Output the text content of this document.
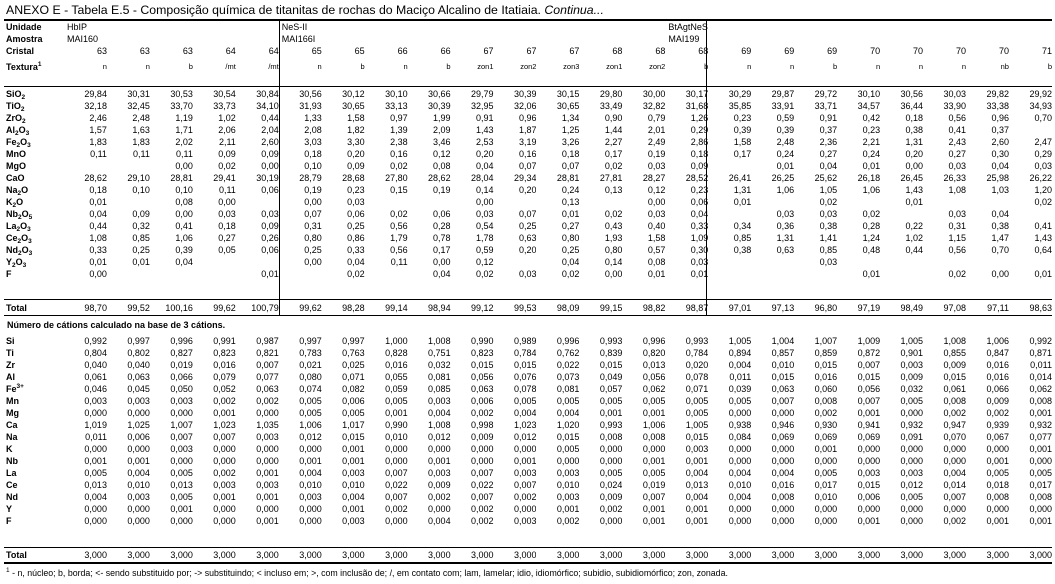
ANEXO E - Tabela E.5 - Composição química de titanitas de rochas do Maciço Alcalino de Itatiaia. Continua...
Unidade	HbIP					NeS-II									BtAgtNeS								
Amostra	MAI160					MAI166I									MAI199								
Cristal	63	63	63	64	64	65	65	66	66	67	67	67	68	68	68	69	69	69	70	70	70	70	71
Textura$^1$	n	n	b	/mt	/mt	n	b	n	b	zon1	zon2	zon3	zon1	zon2	b	n	n	b	n	n	n	nb	b
SiO$_2$	29,84	30,31	30,53	30,54	30,84	30,56	30,12	30,10	30,66	29,79	30,39	30,15	29,80	30,00	30,17	30,29	29,87	29,72	30,10	30,56	30,03	29,82	29,92
TiO$_2$	32,18	32,45	33,70	33,73	34,10	31,93	30,65	33,13	30,39	32,95	32,06	30,65	33,49	32,82	31,68	35,85	33,91	33,71	34,57	36,44	33,90	33,38	34,93
ZrO$_2$	2,46	2,48	1,19	1,02	0,44	1,33	1,58	0,97	1,99	0,91	0,96	1,34	0,90	0,79	1,26	0,23	0,59	0,91	0,42	0,18	0,56	0,96	0,70
$Al_2O_3$	1,57	1,63	1,71	2,06	2,04	2,08	1,82	1,39	2,09	1,43	1,87	1,25	1,44	2,01	0,29	0,39	0,39	0,37	0,23	0,38	0,41	0,37	
$Fe_2O_3$	1,83	1,83	2,02	2,11	2,60	3,03	3,30	2,38	3,46	2,53	3,19	3,26	2,27	2,49	2,86	1,58	2,48	2,36	2,21	1,31	2,43	2,60	2,47
MnO	0,11	0,11	0,11	0,09	0,09	0,18	0,20	0,16	0,12	0,20	0,16	0,18	0,17	0,19	0,18	0,17	0,24	0,27	0,24	0,20	0,27	0,30	0,29
MgO			0,00	0,02	0,00	0,10	0,09	0,02	0,08	0,04	0,07	0,07	0,02	0,03	0,09		0,01	0,04	0,01	0,00	0,03	0,04	0,03
CaO	28,62	29,10	28,81	29,41	30,19	28,79	28,68	27,80	28,62	28,04	29,34	28,81	27,81	28,27	28,52	26,41	26,25	25,62	26,18	26,45	26,33	25,98	26,22
$Na_2O$	0,18	0,10	0,10	0,11	0,06	0,19	0,23	0,15	0,19	0,14	0,20	0,24	0,13	0,12	0,23	1,31	1,06	1,05	1,06	1,43	1,08	1,03	1,20
$K_2O$	0,01		0,08	0,00		0,00	0,03			0,00		0,13		0,00	0,06	0,01		0,02		0,01			0,02
$Nb_2O_5$	0,04	0,09	0,00	0,03	0,03	0,07	0,06	0,02	0,06	0,03	0,07	0,01	0,02	0,03	0,04		0,03	0,03	0,02		0,03	0,04	
$La_2O_3$	0,44	0,32	0,41	0,18	0,09	0,31	0,25	0,56	0,28	0,54	0,25	0,27	0,43	0,40	0,33	0,34	0,36	0,38	0,28	0,22	0,31	0,38	0,41
$Ce_2O_3$	1,08	0,85	1,06	0,27	0,26	0,80	0,86	1,79	0,78	1,78	0,63	0,80	1,93	1,58	1,09	0,85	1,31	1,41	1,24	1,02	1,15	1,47	1,43
$Nd_2O_3$	0,33	0,25	0,39	0,05	0,06	0,25	0,33	0,56	0,17	0,59	0,20	0,25	0,80	0,57	0,30	0,38	0,63	0,85	0,48	0,44	0,56	0,70	0,64
$Y_2O_3$	0,01	0,01	0,04			0,00	0,04	0,11	0,00	0,12		0,04	0,14	0,08	0,03			0,03					
F	0,00				0,01		0,02		0,04	0,02	0,03	0,02	0,00	0,01	0,01				0,01		0,02	0,00	0,01
Total	98,70	99,52	100,16	99,62	100,79	99,62	98,28	99,14	98,94	99,12	99,53	98,09	99,15	98,82	98,87	97,01	97,13	96,80	97,19	98,49	97,08	97,11	98,63
Número de cátions calculado na base de 3 cátions.
Si	0,992	0,997	0,996	0,991	0,987	0,997	0,997	1,000	1,008	0,990	0,989	0,996	0,993	0,996	0,993	1,005	1,004	1,007	1,009	1,005	1,008	1,006	0,992
Ti	0,804	0,802	0,827	0,823	0,821	0,783	0,763	0,828	0,751	0,823	0,784	0,762	0,839	0,820	0,784	0,894	0,857	0,859	0,872	0,901	0,855	0,847	0,871
Zr	0,040	0,040	0,019	0,016	0,007	0,021	0,025	0,016	0,032	0,015	0,015	0,022	0,015	0,013	0,020	0,004	0,010	0,015	0,007	0,003	0,009	0,016	0,011
Al	0,061	0,063	0,066	0,079	0,077	0,080	0,071	0,055	0,081	0,056	0,076	0,073	0,049	0,056	0,078	0,011	0,015	0,016	0,015	0,009	0,015	0,016	0,014
$Fe^{3+}$	0,046	0,045	0,050	0,052	0,063	0,074	0,082	0,059	0,085	0,063	0,078	0,081	0,057	0,062	0,071	0,039	0,063	0,060	0,056	0,032	0,061	0,066	0,062
Mn	0,003	0,003	0,003	0,002	0,002	0,005	0,006	0,005	0,003	0,006	0,005	0,005	0,005	0,005	0,005	0,005	0,007	0,008	0,007	0,005	0,008	0,009	0,008
Mg	0,000	0,000	0,000	0,001	0,000	0,005	0,005	0,001	0,004	0,002	0,004	0,004	0,001	0,001	0,005	0,000	0,000	0,002	0,001	0,000	0,002	0,002	0,001
Ca	1,019	1,025	1,007	1,023	1,035	1,006	1,017	0,990	1,008	0,998	1,023	1,020	0,993	1,006	1,005	0,938	0,946	0,930	0,941	0,932	0,947	0,939	0,932
Na	0,011	0,006	0,007	0,007	0,003	0,012	0,015	0,010	0,012	0,009	0,012	0,015	0,008	0,008	0,015	0,084	0,069	0,069	0,069	0,091	0,070	0,067	0,077
K	0,000	0,000	0,003	0,000	0,000	0,000	0,001	0,000	0,000	0,000	0,000	0,005	0,000	0,000	0,003	0,000	0,000	0,001	0,000	0,000	0,000	0,000	0,001
Nb	0,001	0,001	0,000	0,000	0,000	0,001	0,001	0,000	0,001	0,000	0,001	0,000	0,000	0,001	0,001	0,000	0,000	0,000	0,000	0,000	0,000	0,001	0,000
La	0,005	0,004	0,005	0,002	0,001	0,004	0,003	0,007	0,003	0,007	0,003	0,003	0,005	0,005	0,004	0,004	0,004	0,005	0,003	0,003	0,004	0,005	0,005
Ce	0,013	0,010	0,013	0,003	0,003	0,010	0,010	0,022	0,009	0,022	0,007	0,010	0,024	0,019	0,013	0,010	0,016	0,017	0,015	0,012	0,014	0,018	0,017
Nd	0,004	0,003	0,005	0,001	0,001	0,003	0,004	0,007	0,002	0,007	0,002	0,003	0,009	0,007	0,004	0,004	0,008	0,010	0,006	0,005	0,007	0,008	0,008
Y	0,000	0,000	0,001	0,000	0,000	0,000	0,001	0,002	0,000	0,002	0,000	0,001	0,002	0,001	0,001	0,000	0,000	0,000	0,000	0,000	0,000	0,000	0,000
F	0,000	0,000	0,000	0,000	0,001	0,000	0,003	0,000	0,004	0,002	0,003	0,002	0,000	0,001	0,001	0,000	0,000	0,000	0,001	0,000	0,002	0,001	0,001
Total	3,000	3,000	3,000	3,000	3,000	3,000	3,000	3,000	3,000	3,000	3,000	3,000	3,000	3,000	3,000	3,000	3,000	3,000	3,000	3,000	3,000	3,000	3,000
$^1$ - n, núcleo; b, borda; <- sendo substituido por; -> substituindo; < incluso em; >, com inclusão de; /, em contato com; lam, lamelar; idio, idiomórfico; subidio, subidiomórfico; zon, zonada.
